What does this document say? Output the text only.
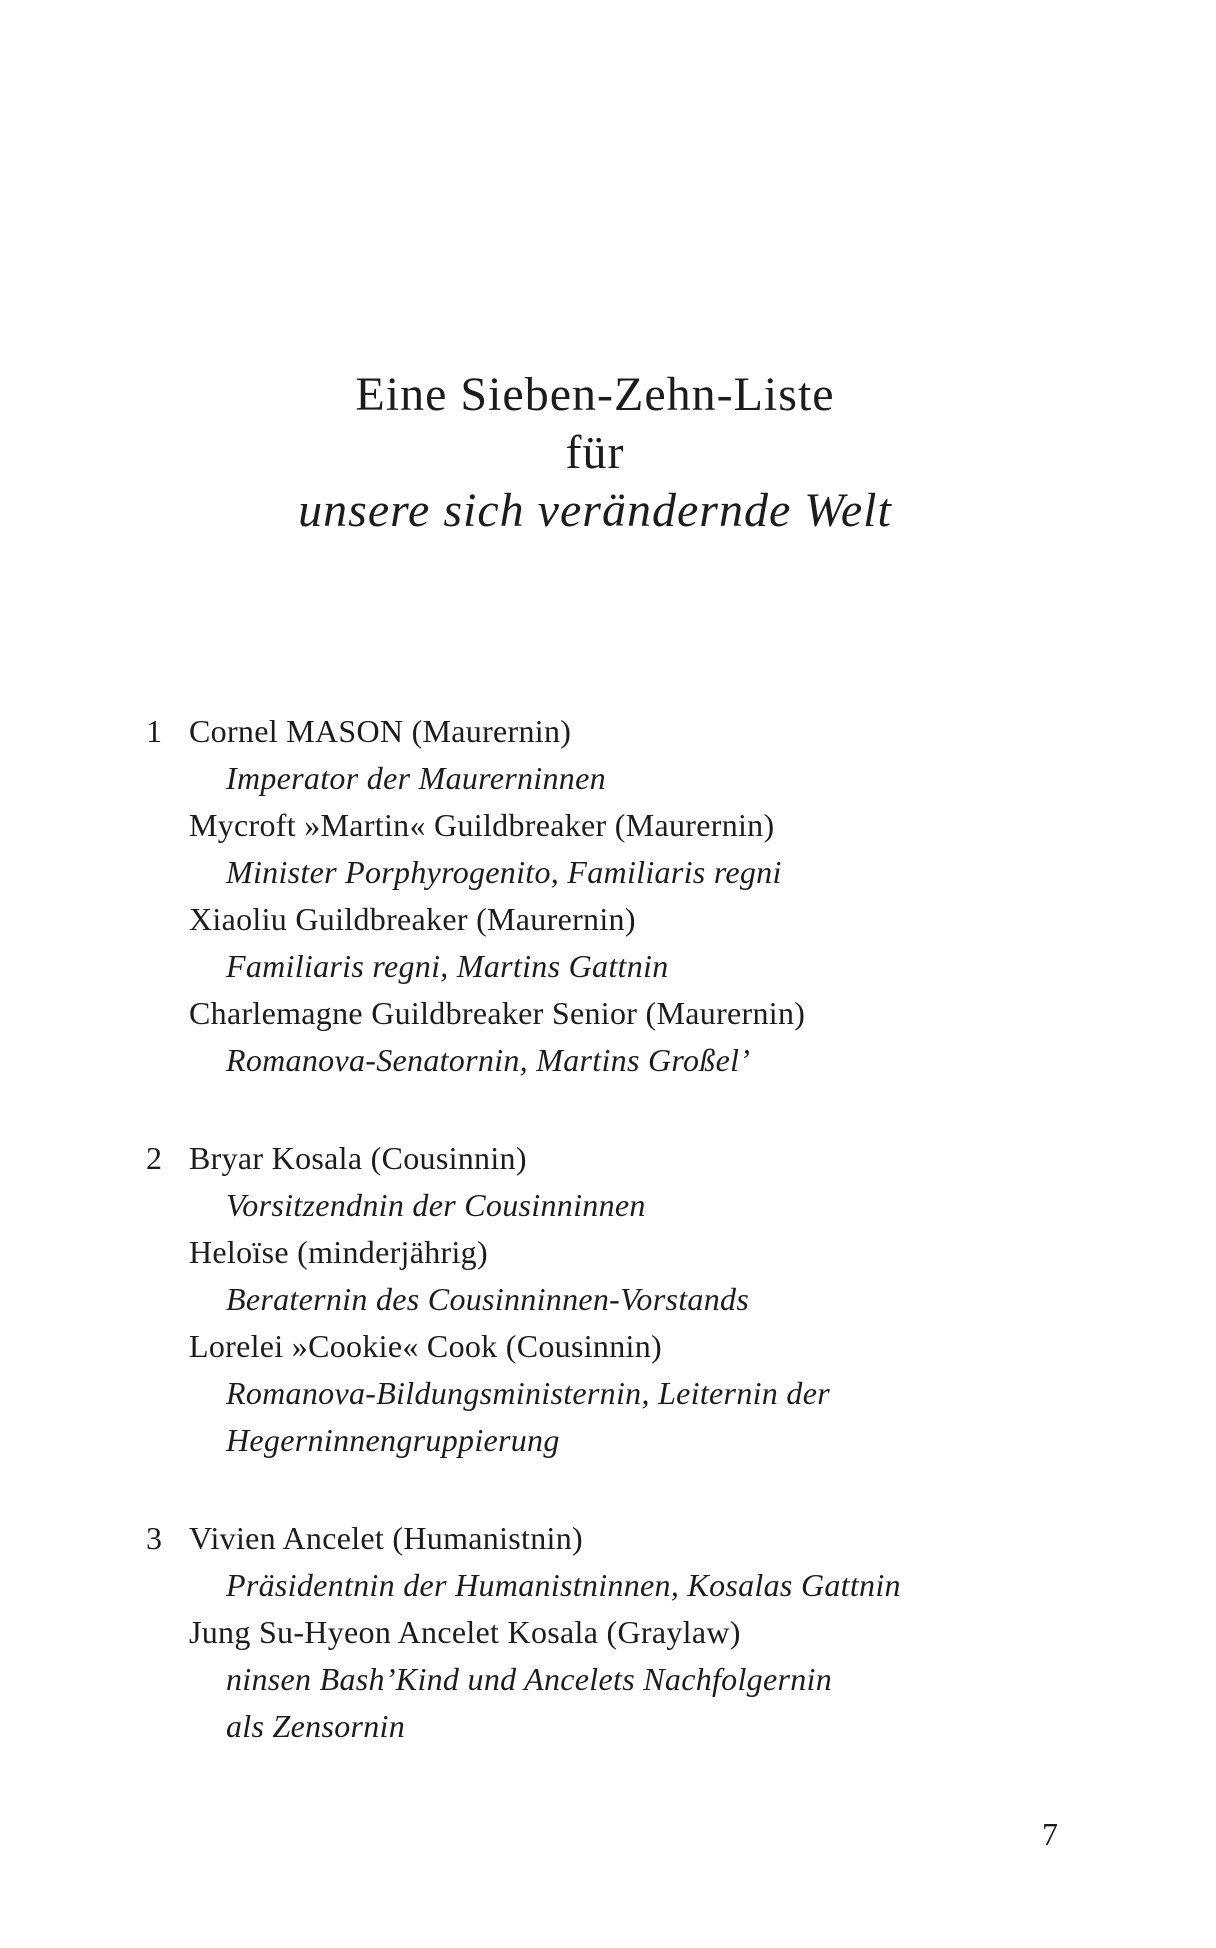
Eine Sieben-Zehn-Liste
für
unsere sich verändernde Welt
1 Cornel MASON (Maurernin)
Imperator der Maurerninnen
Mycroft »Martin« Guildbreaker (Maurernin)
Minister Porphyrogenito, Familiaris regni
Xiaoliu Guildbreaker (Maurernin)
Familiaris regni, Martins Gattnin
Charlemagne Guildbreaker Senior (Maurernin)
Romanova-Senatornin, Martins Großel’
2 Bryar Kosala (Cousinnin)
Vorsitzendnin der Cousinninnen
Heloïse (minderjährig)
Beraternin des Cousinninnen-Vorstands
Lorelei »Cookie« Cook (Cousinnin)
Romanova-Bildungsministernin, Leiternin der
Hegerninnengruppierung
3 Vivien Ancelet (Humanistnin)
Präsidentnin der Humanistninnen, Kosalas Gattnin
Jung Su-Hyeon Ancelet Kosala (Graylaw)
ninsen Bash’Kind und Ancelets Nachfolgernin
als Zensornin
7
